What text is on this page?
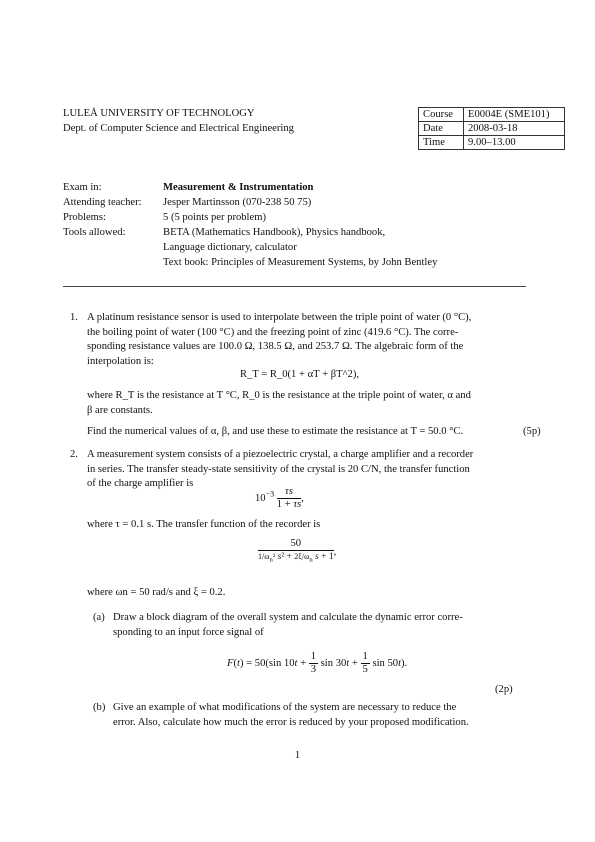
LULEÅ UNIVERSITY OF TECHNOLOGY
Dept. of Computer Science and Electrical Engineering
Course	E0004E (SME101)
Date	2008-03-18
Time	9.00–13.00
Exam in:	Measurement & Instrumentation
Attending teacher:	Jesper Martinsson (070-238 50 75)
Problems:	5 (5 points per problem)
Tools allowed:	BETA (Mathematics Handbook), Physics handbook,
Language dictionary, calculator
Text book: Principles of Measurement Systems, by John Bentley
1. A platinum resistance sensor is used to interpolate between the triple point of water (0 °C),
the boiling point of water (100 °C) and the freezing point of zinc (419.6 °C). The corre-
sponding resistance values are 100.0 Ω, 138.5 Ω, and 253.7 Ω. The algebraic form of the
interpolation is:
R_T = R_0(1 + αT + βT^2),
where R_T is the resistance at T °C, R_0 is the resistance at the triple point of water, α and
β are constants.
Find the numerical values of α, β, and use these to estimate the resistance at T = 50.0 °C.	(5p)
2. A measurement system consists of a piezoelectric crystal, a charge amplifier and a recorder
in series. The transfer steady-state sensitivity of the crystal is 20 C/N, the transfer function
of the charge amplifier is
$10^{-3} \frac{\tau s}{1 + \tau s}$ ,
where τ = 0.1 s. The transfer function of the recorder is
$\frac{50}{1/\omega_n^2 s^2 + 2\xi/\omega_n s + 1}$ ,
where ωn = 50 rad/s and ξ = 0.2.
(a) Draw a block diagram of the overall system and calculate the dynamic error corre-
sponding to an input force signal of
F(t) = 50(sin $10t + \frac{1}{3}$ $\sin 30t + \frac{1}{5}$ sin 50t).
(2p)
(b) Give an example of what modifications of the system are necessary to reduce the
error. Also, calculate how much the error is reduced by your proposed modification.
1
